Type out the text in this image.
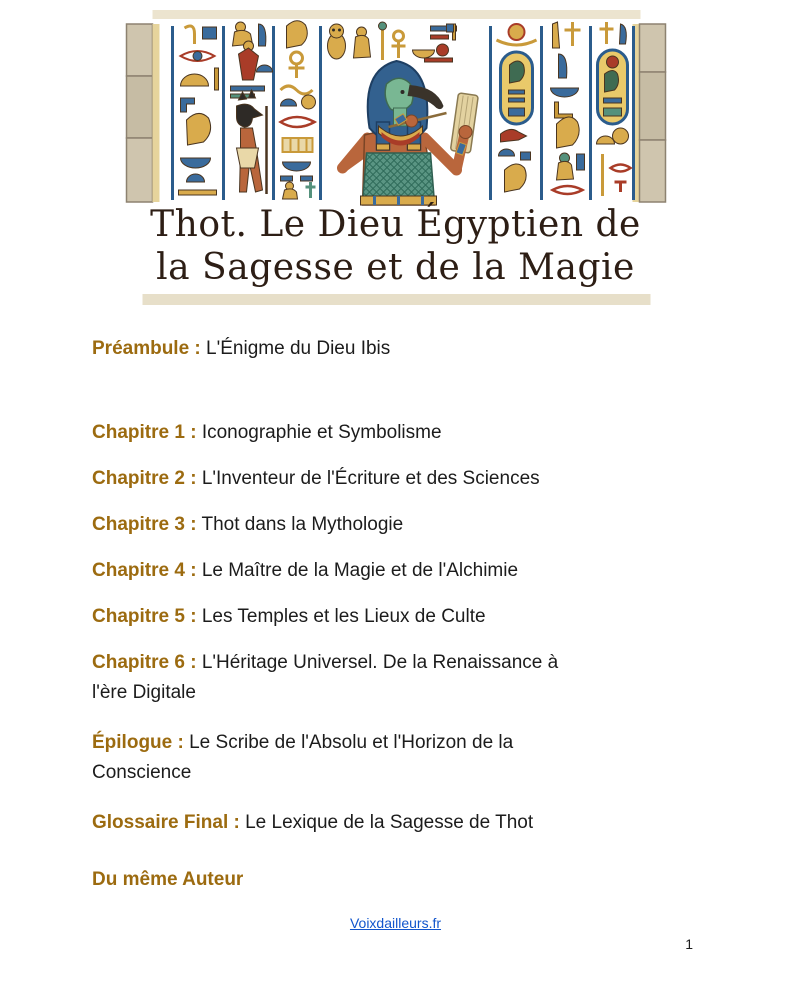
Thot. Le Dieu Égyptien de
la Sagesse et de la Magie

Préambule : L'Énigme du Dieu Ibis

Chapitre 1 : Iconographie et Symbolisme

Chapitre 2 : L'Inventeur de l'Écriture et des Sciences

Chapitre 3 : Thot dans la Mythologie

Chapitre 4 : Le Maître de la Magie et de l'Alchimie

Chapitre 5 : Les Temples et les Lieux de Culte

Chapitre 6 : L'Héritage Universel. De la Renaissance à
l'ère Digitale

Épilogue : Le Scribe de l'Absolu et l'Horizon de la
Conscience

Glossaire Final : Le Lexique de la Sagesse de Thot

Du même Auteur

Voixdailleurs.fr
1
